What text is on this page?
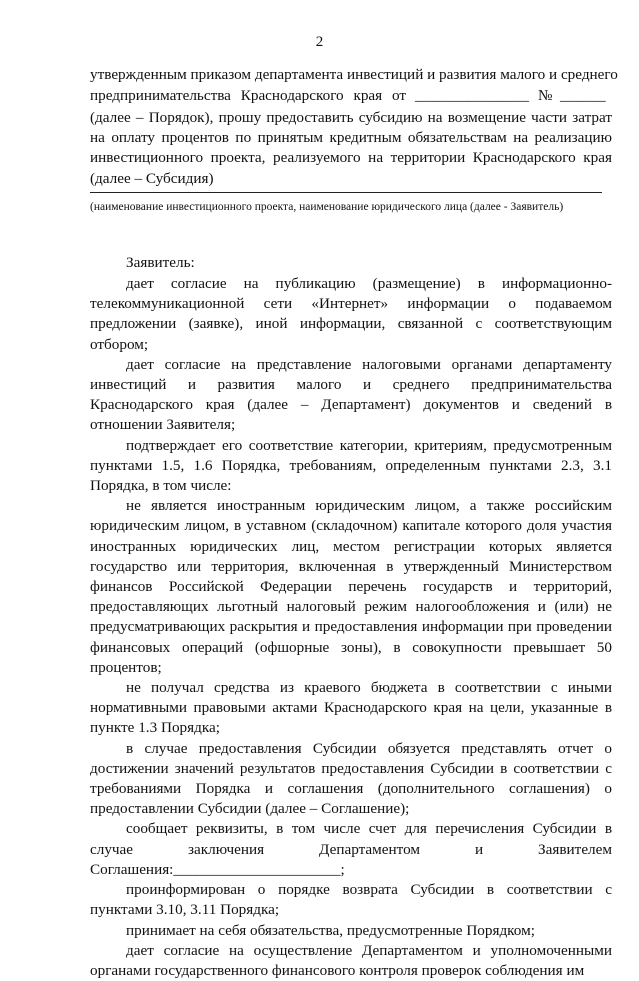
2
утвержденным приказом департамента инвестиций и развития малого и среднего
предпринимательства Краснодарского края от _______________ № ______

(далее – Порядок), прошу предоставить субсидию на возмещение части затрат на оплату процентов по принятым кредитным обязательствам на реализацию инвестиционного проекта, реализуемого на территории Краснодарского края (далее – Субсидия)

(наименование инвестиционного проекта, наименование юридического лица (далее - Заявитель)
Заявитель:

дает согласие на публикацию (размещение) в информационно-телекоммуникационной сети «Интернет» информации о подаваемом предложении (заявке), иной информации, связанной с соответствующим отбором;

дает согласие на представление налоговыми органами департаменту инвестиций и развития малого и среднего предпринимательства Краснодарского края (далее – Департамент) документов и сведений в отношении Заявителя;

подтверждает его соответствие категории, критериям, предусмотренным пунктами 1.5, 1.6 Порядка, требованиям, определенным пунктами 2.3, 3.1 Порядка, в том числе:

не является иностранным юридическим лицом, а также российским юридическим лицом, в уставном (складочном) капитале которого доля участия иностранных юридических лиц, местом регистрации которых является государство или территория, включенная в утвержденный Министерством финансов Российской Федерации перечень государств и территорий, предоставляющих льготный налоговый режим налогообложения и (или) не предусматривающих раскрытия и предоставления информации при проведении финансовых операций (офшорные зоны), в совокупности превышает 50 процентов;

не получал средства из краевого бюджета в соответствии с иными нормативными правовыми актами Краснодарского края на цели, указанные в пункте 1.3 Порядка;

в случае предоставления Субсидии обязуется представлять отчет о достижении значений результатов предоставления Субсидии в соответствии с требованиями Порядка и соглашения (дополнительного соглашения) о предоставлении Субсидии (далее – Соглашение);

сообщает реквизиты, в том числе счет для перечисления Субсидии в случае заключения Департаментом и Заявителем Соглашения:______________________;

проинформирован о порядке возврата Субсидии в соответствии с пунктами 3.10, 3.11 Порядка;

принимает на себя обязательства, предусмотренные Порядком;

дает согласие на осуществление Департаментом и уполномоченными органами государственного финансового контроля проверок соблюдения им
